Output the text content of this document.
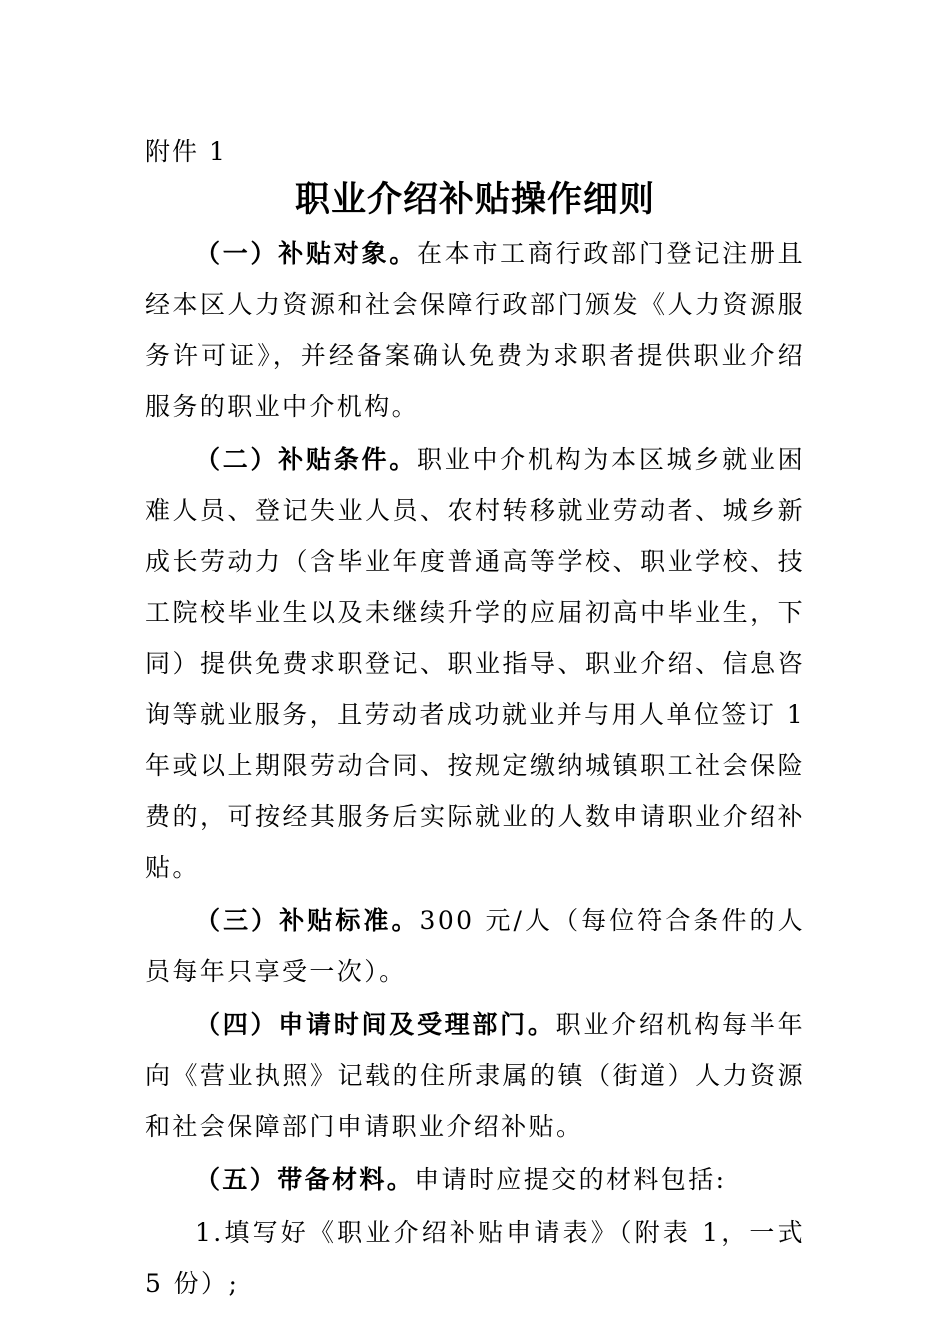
附件 1
职业介绍补贴操作细则

（一）补贴对象。在本市工商行政部门登记注册且经本区人力资源和社会保障行政部门颁发《人力资源服务许可证》，并经备案确认免费为求职者提供职业介绍服务的职业中介机构。

（二）补贴条件。职业中介机构为本区城乡就业困难人员、登记失业人员、农村转移就业劳动者、城乡新成长劳动力（含毕业年度普通高等学校、职业学校、技工院校毕业生以及未继续升学的应届初高中毕业生，下同）提供免费求职登记、职业指导、职业介绍、信息咨询等就业服务，且劳动者成功就业并与用人单位签订 1 年或以上期限劳动合同、按规定缴纳城镇职工社会保险费的，可按经其服务后实际就业的人数申请职业介绍补贴。

（三）补贴标准。300 元/人（每位符合条件的人员每年只享受一次）。

（四）申请时间及受理部门。职业介绍机构每半年向《营业执照》记载的住所隶属的镇（街道）人力资源和社会保障部门申请职业介绍补贴。

（五）带备材料。申请时应提交的材料包括:

1.填写好《职业介绍补贴申请表》（附表 1，一式 5 份）;
